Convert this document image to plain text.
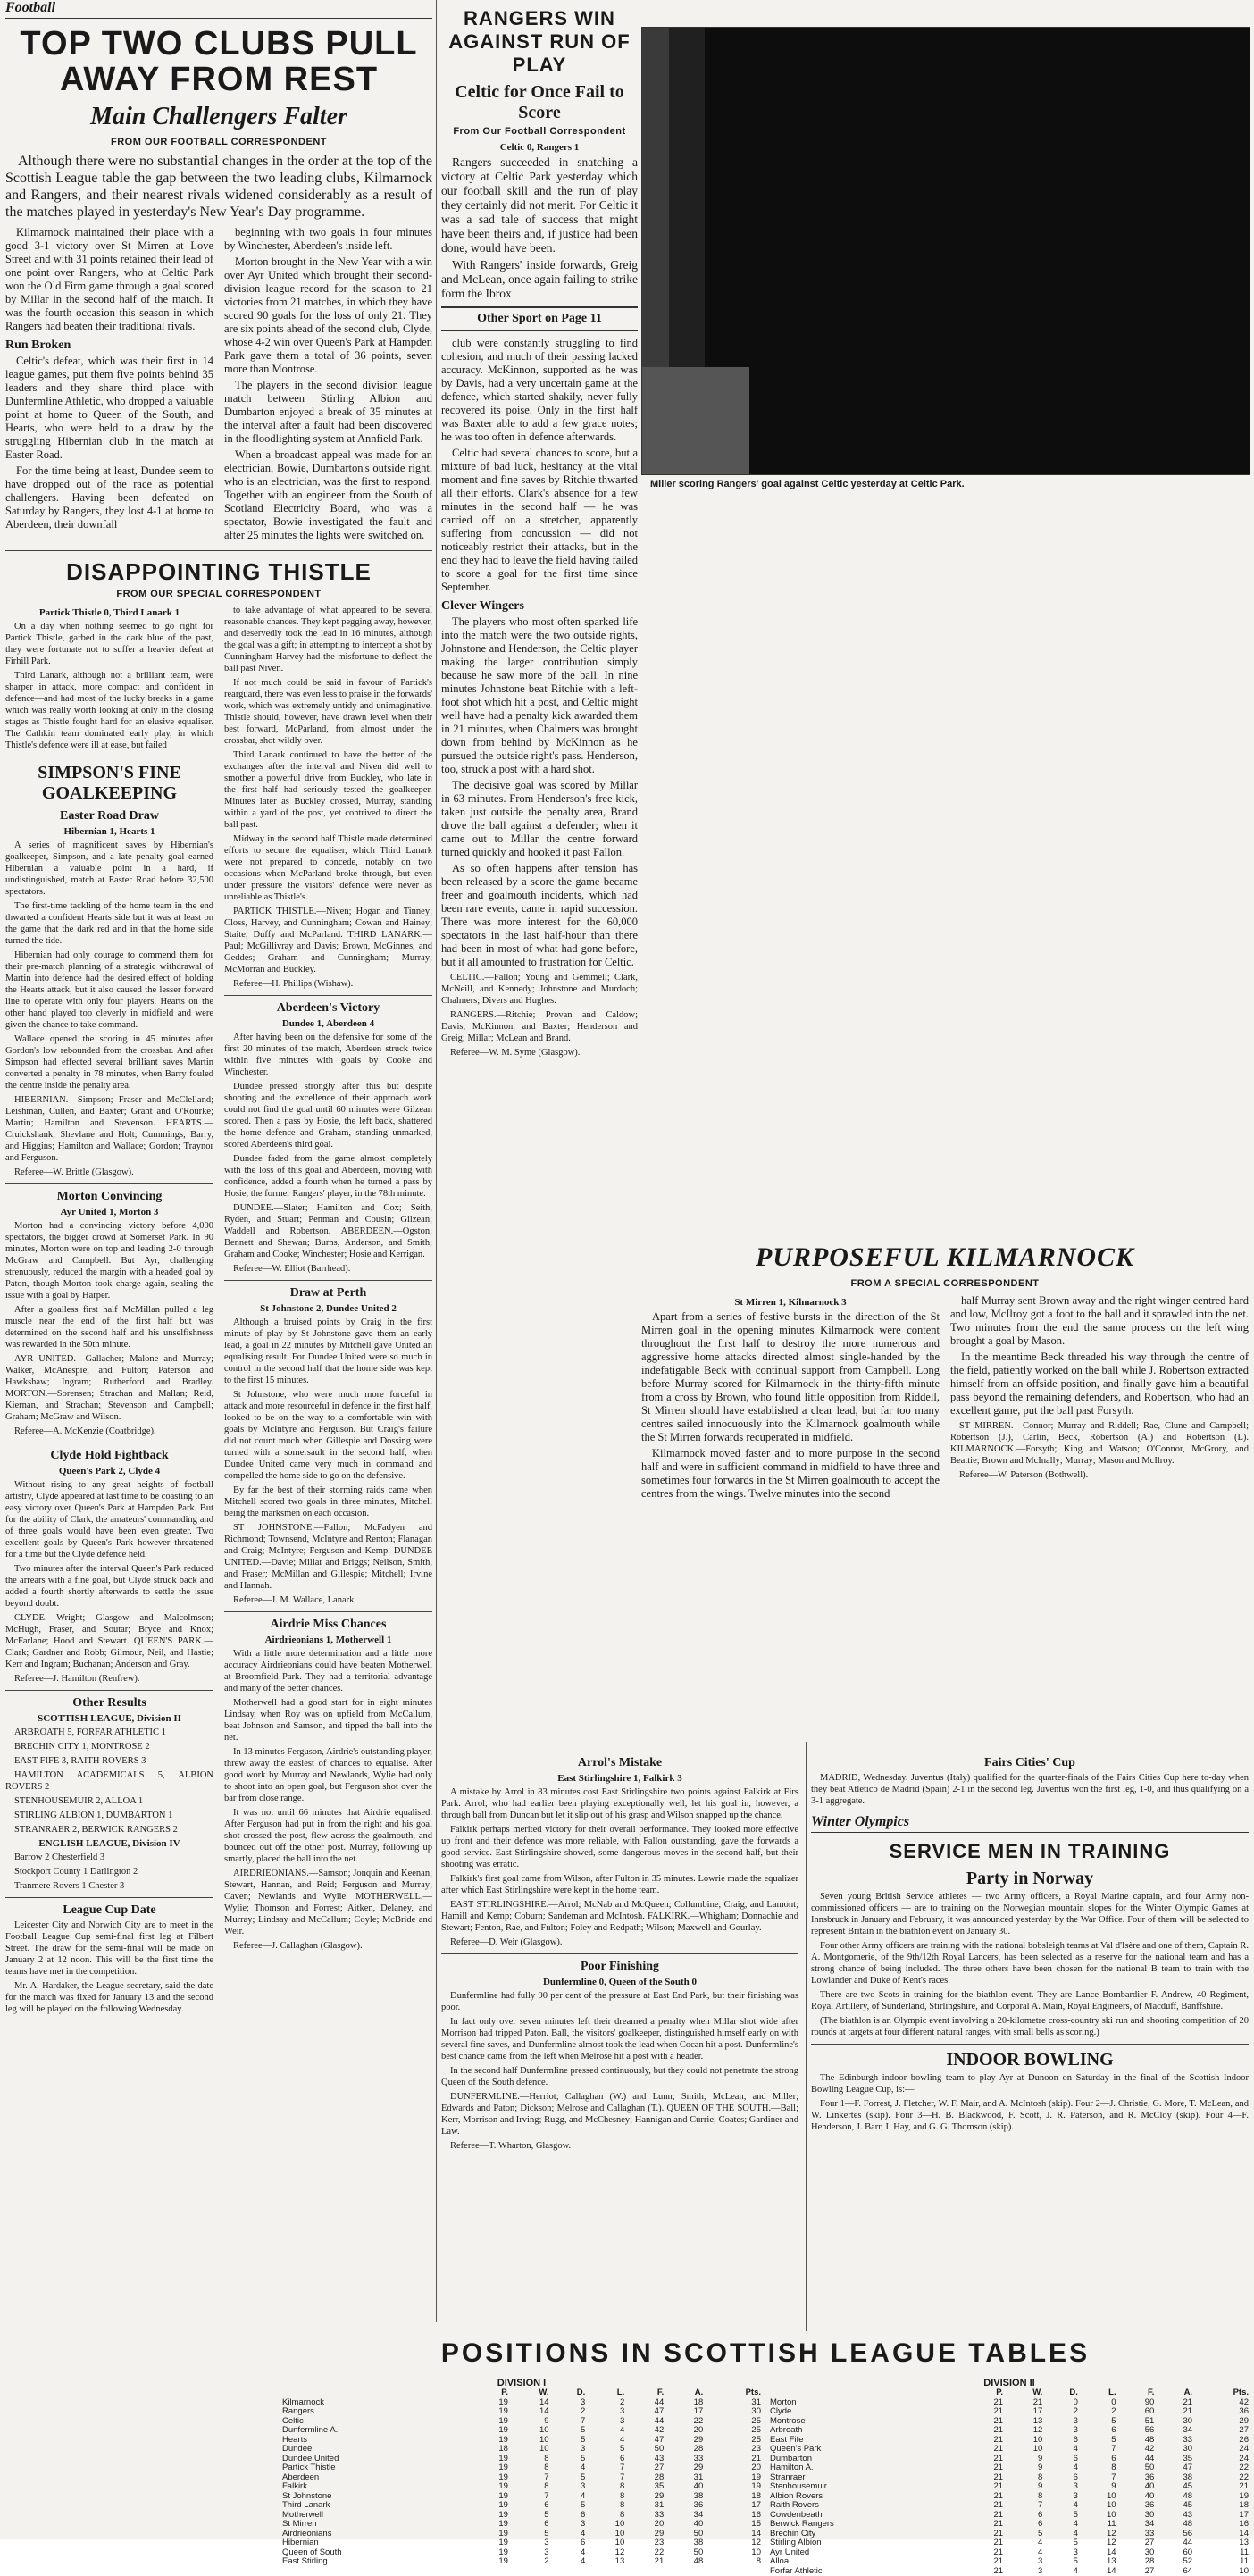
Football
TOP TWO CLUBS PULL AWAY FROM REST
Main Challengers Falter
FROM OUR FOOTBALL CORRESPONDENT

Although there were no substantial changes in the order at the top of the Scottish League table the gap between the two leading clubs, Kilmarnock and Rangers, and their nearest rivals widened considerably as a result of the matches played in yesterday's New Year's Day programme.

Kilmarnock maintained their place with a good 3-1 victory over St Mirren at Love Street and with 31 points retained their lead of one point over Rangers, who at Celtic Park won the Old Firm game through a goal scored by Millar in the second half of the match. It was the fourth occasion this season in which Rangers had beaten their traditional rivals.

Run Broken

Celtic's defeat, which was their first in 14 league games, put them five points behind 35 leaders and they share third place with Dunfermline Athletic, who dropped a valuable point at home to Queen of the South, and Hearts, who were held to a draw by the struggling Hibernian club in the match at Easter Road.

For the time being at least, Dundee seem to have dropped out of the race as potential challengers. Having been defeated on Saturday by Rangers, they lost 4-1 at home to Aberdeen, their downfall

beginning with two goals in four minutes by Winchester, Aberdeen's inside left.

Morton brought in the New Year with a win over Ayr United which brought their second-division league record for the season to 21 victories from 21 matches, in which they have scored 90 goals for the loss of only 21. They are six points ahead of the second club, Clyde, whose 4-2 win over Queen's Park at Hampden Park gave them a total of 36 points, seven more than Montrose.

The players in the second division league match between Stirling Albion and Dumbarton enjoyed a break of 35 minutes at the interval after a fault had been discovered in the floodlighting system at Annfield Park.

When a broadcast appeal was made for an electrician, Bowie, Dumbarton's outside right, who is an electrician, was the first to respond. Together with an engineer from the South of Scotland Electricity Board, who was a spectator, Bowie investigated the fault and after 25 minutes the lights were switched on.

DISAPPOINTING THISTLE
FROM OUR SPECIAL CORRESPONDENT
Partick Thistle 0, Third Lanark 1

On a day when nothing seemed to go right for Partick Thistle, garbed in the dark blue of the past, they were fortunate not to suffer a heavier defeat at Firhill Park.

Third Lanark, although not a brilliant team, were sharper in attack, more compact and confident in defence—and had most of the lucky breaks in a game which was really worth looking at only in the closing stages as Thistle fought hard for an elusive equaliser. The Cathkin team dominated early play, in which Thistle's defence were ill at ease, but failed

SIMPSON'S FINE GOALKEEPING
Easter Road Draw
Hibernian 1, Hearts 1

A series of magnificent saves by Hibernian's goalkeeper, Simpson, and a late penalty goal earned Hibernian a valuable point in a hard, if undistinguished, match at Easter Road before 32,500 spectators.

The first-time tackling of the home team in the end thwarted a confident Hearts side but it was at least on the game that the dark red and in that the home side turned the tide.

Hibernian had only courage to commend them for their pre-match planning of a strategic withdrawal of Martin into defence had the desired effect of holding the Hearts attack, but it also caused the lesser forward line to operate with only four players. Hearts on the other hand played too cleverly in midfield and were given the chance to take command.

Wallace opened the scoring in 45 minutes after Gordon's low rebounded from the crossbar. And after Simpson had effected several brilliant saves Martin converted a penalty in 78 minutes, when Barry fouled the centre inside the penalty area.

HIBERNIAN.—Simpson; Fraser and McClelland; Leishman, Cullen, and Baxter; Grant and O'Rourke; Martin; Hamilton and Stevenson. HEARTS.—Cruickshank; Shevlane and Holt; Cummings, Barry, and Higgins; Hamilton and Wallace; Gordon; Traynor and Ferguson.

Referee—W. Brittle (Glasgow).

Morton Convincing
Ayr United 1, Morton 3

Morton had a convincing victory before 4,000 spectators, the bigger crowd at Somerset Park. In 90 minutes, Morton were on top and leading 2-0 through McGraw and Campbell. But Ayr, challenging strenuously, reduced the margin with a headed goal by Paton, though Morton took charge again, sealing the issue with a goal by Harper.

After a goalless first half McMillan pulled a leg muscle near the end of the first half but was determined on the second half and his unselfishness was rewarded in the 50th minute.

AYR UNITED.—Gallacher; Malone and Murray; Walker, McAnespie, and Fulton; Paterson and Hawkshaw; Ingram; Rutherford and Bradley. MORTON.—Sorensen; Strachan and Mallan; Reid, Kiernan, and Strachan; Stevenson and Campbell; Graham; McGraw and Wilson.

Referee—A. McKenzie (Coatbridge).

Clyde Hold Fightback
Queen's Park 2, Clyde 4

Without rising to any great heights of football artistry, Clyde appeared at last time to be coasting to an easy victory over Queen's Park at Hampden Park. But for the ability of Clark, the amateurs' commanding and of three goals would have been even greater. Two excellent goals by Queen's Park however threatened for a time but the Clyde defence held.

Two minutes after the interval Queen's Park reduced the arrears with a fine goal, but Clyde struck back and added a fourth shortly afterwards to settle the issue beyond doubt.

CLYDE.—Wright; Glasgow and Malcolmson; McHugh, Fraser, and Soutar; Bryce and Knox; McFarlane; Hood and Stewart. QUEEN'S PARK.—Clark; Gardner and Robb; Gilmour, Neil, and Hastie; Kerr and Ingram; Buchanan; Anderson and Gray.

Referee—J. Hamilton (Renfrew).

Other Results
SCOTTISH LEAGUE, Division II

ARBROATH 5, FORFAR ATHLETIC 1

BRECHIN CITY 1, MONTROSE 2

EAST FIFE 3, RAITH ROVERS 3

HAMILTON ACADEMICALS 5, ALBION ROVERS 2

STENHOUSEMUIR 2, ALLOA 1

STIRLING ALBION 1, DUMBARTON 1

STRANRAER 2, BERWICK RANGERS 2

ENGLISH LEAGUE, Division IV

Barrow 2 Chesterfield 3

Stockport County 1 Darlington 2

Tranmere Rovers 1 Chester 3

League Cup Date

Leicester City and Norwich City are to meet in the Football League Cup semi-final first leg at Filbert Street. The draw for the semi-final will be made on January 2 at 12 noon. This will be the first time the teams have met in the competition.

Mr. A. Hardaker, the League secretary, said the date for the match was fixed for January 13 and the second leg will be played on the following Wednesday.

to take advantage of what appeared to be several reasonable chances. They kept pegging away, however, and deservedly took the lead in 16 minutes, although the goal was a gift; in attempting to intercept a shot by Cunningham Harvey had the misfortune to deflect the ball past Niven.

If not much could be said in favour of Partick's rearguard, there was even less to praise in the forwards' work, which was extremely untidy and unimaginative. Thistle should, however, have drawn level when their best forward, McParland, from almost under the crossbar, shot wildly over.

Third Lanark continued to have the better of the exchanges after the interval and Niven did well to smother a powerful drive from Buckley, who late in the first half had seriously tested the goalkeeper. Minutes later as Buckley crossed, Murray, standing within a yard of the post, yet contrived to direct the ball past.

Midway in the second half Thistle made determined efforts to secure the equaliser, which Third Lanark were not prepared to concede, notably on two occasions when McParland broke through, but even under pressure the visitors' defence were never as unreliable as Thistle's.

PARTICK THISTLE.—Niven; Hogan and Tinney; Closs, Harvey, and Cunningham; Cowan and Hainey; Staite; Duffy and McParland. THIRD LANARK.—Paul; McGillivray and Davis; Brown, McGinnes, and Geddes; Graham and Cunningham; Murray; McMorran and Buckley.

Referee—H. Phillips (Wishaw).

Aberdeen's Victory
Dundee 1, Aberdeen 4

After having been on the defensive for some of the first 20 minutes of the match, Aberdeen struck twice within five minutes with goals by Cooke and Winchester.

Dundee pressed strongly after this but despite shooting and the excellence of their approach work could not find the goal until 60 minutes were Gilzean scored. Then a pass by Hosie, the left back, shattered the home defence and Graham, standing unmarked, scored Aberdeen's third goal.

Dundee faded from the game almost completely with the loss of this goal and Aberdeen, moving with confidence, added a fourth when he turned a pass by Hosie, the former Rangers' player, in the 78th minute.

DUNDEE.—Slater; Hamilton and Cox; Seith, Ryden, and Stuart; Penman and Cousin; Gilzean; Waddell and Robertson. ABERDEEN.—Ogston; Bennett and Shewan; Burns, Anderson, and Smith; Graham and Cooke; Winchester; Hosie and Kerrigan.

Referee—W. Elliot (Barrhead).

Draw at Perth
St Johnstone 2, Dundee United 2

Although a bruised points by Craig in the first minute of play by St Johnstone gave them an early lead, a goal in 22 minutes by Mitchell gave United an equalising result. For Dundee United were so much in control in the second half that the home side was kept to the first 15 minutes.

St Johnstone, who were much more forceful in attack and more resourceful in defence in the first half, looked to be on the way to a comfortable win with goals by McIntyre and Ferguson. But Craig's failure did not count much when Gillespie and Dossing were turned with a somersault in the second half, when Dundee United came very much in command and compelled the home side to go on the defensive.

By far the best of their storming raids came when Mitchell scored two goals in three minutes, Mitchell being the marksmen on each occasion.

ST JOHNSTONE.—Fallon; McFadyen and Richmond; Townsend, McIntyre and Renton; Flanagan and Craig; McIntyre; Ferguson and Kemp. DUNDEE UNITED.—Davie; Millar and Briggs; Neilson, Smith, and Fraser; McMillan and Gillespie; Mitchell; Irvine and Hannah.

Referee—J. M. Wallace, Lanark.

Airdrie Miss Chances
Airdrieonians 1, Motherwell 1

With a little more determination and a little more accuracy Airdrieonians could have beaten Motherwell at Broomfield Park. They had a territorial advantage and many of the better chances.

Motherwell had a good start for in eight minutes Lindsay, when Roy was on upfield from McCallum, beat Johnson and Samson, and tipped the ball into the net.

In 13 minutes Ferguson, Airdrie's outstanding player, threw away the easiest of chances to equalise. After good work by Murray and Newlands, Wylie had only to shoot into an open goal, but Ferguson shot over the bar from close range.

It was not until 66 minutes that Airdrie equalised. After Ferguson had put in from the right and his goal shot crossed the post, flew across the goalmouth, and bounced out off the other post. Murray, following up smartly, placed the ball into the net.

AIRDRIEONIANS.—Samson; Jonquin and Keenan; Stewart, Hannan, and Reid; Ferguson and Murray; Caven; Newlands and Wylie. MOTHERWELL.—Wylie; Thomson and Forrest; Aitken, Delaney, and Murray; Lindsay and McCallum; Coyle; McBride and Weir.

Referee—J. Callaghan (Glasgow).

RANGERS WIN AGAINST RUN OF PLAY
Celtic for Once Fail to Score
From Our Football Correspondent
Celtic 0, Rangers 1

Rangers succeeded in snatching a victory at Celtic Park yesterday which our football skill and the run of play they certainly did not merit. For Celtic it was a sad tale of success that might have been theirs and, if justice had been done, would have been.

With Rangers' inside forwards, Greig and McLean, once again failing to strike form the Ibrox

Other Sport on Page 11

club were constantly struggling to find cohesion, and much of their passing lacked accuracy. McKinnon, supported as he was by Davis, had a very uncertain game at the defence, which started shakily, never fully recovered its poise. Only in the first half was Baxter able to add a few grace notes; he was too often in defence afterwards.

Celtic had several chances to score, but a mixture of bad luck, hesitancy at the vital moment and fine saves by Ritchie thwarted all their efforts. Clark's absence for a few minutes in the second half — he was carried off on a stretcher, apparently suffering from concussion — did not noticeably restrict their attacks, but in the end they had to leave the field having failed to score a goal for the first time since September.

Clever Wingers

The players who most often sparked life into the match were the two outside rights, Johnstone and Henderson, the Celtic player making the larger contribution simply because he saw more of the ball. In nine minutes Johnstone beat Ritchie with a left-foot shot which hit a post, and Celtic might well have had a penalty kick awarded them in 21 minutes, when Chalmers was brought down from behind by McKinnon as he pursued the outside right's pass. Henderson, too, struck a post with a hard shot.

The decisive goal was scored by Millar in 63 minutes. From Henderson's free kick, taken just outside the penalty area, Brand drove the ball against a defender; when it came out to Millar the centre forward turned quickly and hooked it past Fallon.

As so often happens after tension has been released by a score the game became freer and goalmouth incidents, which had been rare events, came in rapid succession. There was more interest for the 60,000 spectators in the last half-hour than there had been in most of what had gone before, but it all amounted to frustration for Celtic.

CELTIC.—Fallon; Young and Gemmell; Clark, McNeill, and Kennedy; Johnstone and Murdoch; Chalmers; Divers and Hughes.

RANGERS.—Ritchie; Provan and Caldow; Davis, McKinnon, and Baxter; Henderson and Greig; Millar; McLean and Brand.

Referee—W. M. Syme (Glasgow).

Miller scoring Rangers' goal against Celtic yesterday at Celtic Park.
PURPOSEFUL KILMARNOCK
FROM A SPECIAL CORRESPONDENT
St Mirren 1, Kilmarnock 3

Apart from a series of festive bursts in the direction of the St Mirren goal in the opening minutes Kilmarnock were content throughout the first half to destroy the more numerous and aggressive home attacks directed almost single-handed by the indefatigable Beck with continual support from Campbell. Long before Murray scored for Kilmarnock in the thirty-fifth minute from a cross by Brown, who found little opposition from Riddell, St Mirren should have established a clear lead, but far too many centres sailed innocuously into the Kilmarnock goalmouth while the St Mirren forwards recuperated in midfield.

Kilmarnock moved faster and to more purpose in the second half and were in sufficient command in midfield to have three and sometimes four forwards in the St Mirren goalmouth to accept the centres from the wings. Twelve minutes into the second

half Murray sent Brown away and the right winger centred hard and low, McIlroy got a foot to the ball and it sprawled into the net. Two minutes from the end the same process on the left wing brought a goal by Mason.

In the meantime Beck threaded his way through the centre of the field, patiently worked on the ball while J. Robertson extracted himself from an offside position, and finally gave him a beautiful pass beyond the remaining defenders, and Robertson, who had an excellent game, put the ball past Forsyth.

ST MIRREN.—Connor; Murray and Riddell; Rae, Clune and Campbell; Robertson (J.), Carlin, Beck, Robertson (A.) and Robertson (L). KILMARNOCK.—Forsyth; King and Watson; O'Connor, McGrory, and Beattie; Brown and McInally; Murray; Mason and McIlroy.

Referee—W. Paterson (Bothwell).

Arrol's Mistake
East Stirlingshire 1, Falkirk 3

A mistake by Arrol in 83 minutes cost East Stirlingshire two points against Falkirk at Firs Park. Arrol, who had earlier been playing exceptionally well, let his goal in, however, a through ball from Duncan but let it slip out of his grasp and Wilson snapped up the chance.

Falkirk perhaps merited victory for their overall performance. They looked more effective up front and their defence was more reliable, with Fallon outstanding, gave the forwards a good service. East Stirlingshire showed, some dangerous moves in the second half, but their shooting was erratic.

Falkirk's first goal came from Wilson, after Fulton in 35 minutes. Lowrie made the equalizer after which East Stirlingshire were kept in the home team.

EAST STIRLINGSHIRE.—Arrol; McNab and McQueen; Collumbine, Craig, and Lamont; Hamill and Kemp; Coburn; Sandeman and McIntosh. FALKIRK.—Whigham; Donnachie and Stewart; Fenton, Rae, and Fulton; Foley and Redpath; Wilson; Maxwell and Gourlay.

Referee—D. Weir (Glasgow).

Poor Finishing
Dunfermline 0, Queen of the South 0

Dunfermline had fully 90 per cent of the pressure at East End Park, but their finishing was poor.

In fact only over seven minutes left their dreamed a penalty when Millar shot wide after Morrison had tripped Paton. Ball, the visitors' goalkeeper, distinguished himself early on with several fine saves, and Dunfermline almost took the lead when Cocan hit a post. Dunfermline's best chance came from the left when Melrose hit a post with a header.

In the second half Dunfermline pressed continuously, but they could not penetrate the strong Queen of the South defence.

DUNFERMLINE.—Herriot; Callaghan (W.) and Lunn; Smith, McLean, and Miller; Edwards and Paton; Dickson; Melrose and Callaghan (T.). QUEEN OF THE SOUTH.—Ball; Kerr, Morrison and Irving; Rugg, and McChesney; Hannigan and Currie; Coates; Gardiner and Law.

Referee—T. Wharton, Glasgow.

Fairs Cities' Cup

MADRID, Wednesday. Juventus (Italy) qualified for the quarter-finals of the Fairs Cities Cup here to-day when they beat Atletico de Madrid (Spain) 2-1 in the second leg. Juventus won the first leg, 1-0, and thus qualifying on a 3-1 aggregate.

Winter Olympics
SERVICE MEN IN TRAINING
Party in Norway

Seven young British Service athletes — two Army officers, a Royal Marine captain, and four Army non-commissioned officers — are to training on the Norwegian mountain slopes for the Winter Olympic Games at Innsbruck in January and February, it was announced yesterday by the War Office. Four of them will be selected to represent Britain in the biathlon event on January 30.

Four other Army officers are training with the national bobsleigh teams at Val d'Isère and one of them, Captain R. A. Montgomerie, of the 9th/12th Royal Lancers, has been selected as a reserve for the national team and has a strong chance of being included. The three others have been chosen for the national B team to train with the Lowlander and Duke of Kent's races.

There are two Scots in training for the biathlon event. They are Lance Bombardier F. Andrew, 40 Regiment, Royal Artillery, of Sunderland, Stirlingshire, and Corporal A. Main, Royal Engineers, of Macduff, Banffshire.

(The biathlon is an Olympic event involving a 20-kilometre cross-country ski run and shooting competition of 20 rounds at targets at four different natural ranges, with small bells as scoring.)

INDOOR BOWLING

The Edinburgh indoor bowling team to play Ayr at Dunoon on Saturday in the final of the Scottish Indoor Bowling League Cup, is:—

Four 1—F. Forrest, J. Fletcher, W. F. Mair, and A. McIntosh (skip). Four 2—J. Christie, G. More, T. McLean, and W. Linkertes (skip). Four 3—H. B. Blackwood, F. Scott, J. R. Paterson, and R. McCloy (skip). Four 4—F. Henderson, J. Barr, I. Hay, and G. G. Thomson (skip).

POSITIONS IN SCOTTISH LEAGUE TABLES
DIVISION I
	P.	W.	D.	L.	F.	A.	Pts.
Kilmarnock	19	14	3	2	44	18	31
Rangers	19	14	2	3	47	17	30
Celtic	19	9	7	3	44	22	25
Dunfermline A.	19	10	5	4	42	20	25
Hearts	19	10	5	4	47	29	25
Dundee	18	10	3	5	50	28	23
Dundee United	19	8	5	6	43	33	21
Partick Thistle	19	8	4	7	27	29	20
Aberdeen	19	7	5	7	28	31	19
Falkirk	19	8	3	8	35	40	19
St Johnstone	19	7	4	8	29	38	18
Third Lanark	19	6	5	8	31	36	17
Motherwell	19	5	6	8	33	34	16
St Mirren	19	6	3	10	20	40	15
Airdrieonians	19	5	4	10	29	50	14
Hibernian	19	3	6	10	23	38	12
Queen of South	19	3	4	12	22	50	10
East Stirling	19	2	4	13	21	48	8
DIVISION II
	P.	W.	D.	L.	F.	A.	Pts.
Morton	21	21	0	0	90	21	42
Clyde	21	17	2	2	60	21	36
Montrose	21	13	3	5	51	30	29
Arbroath	21	12	3	6	56	34	27
East Fife	21	10	6	5	48	33	26
Queen's Park	21	10	4	7	42	30	24
Dumbarton	21	9	6	6	44	35	24
Hamilton A.	21	9	4	8	50	47	22
Stranraer	21	8	6	7	36	38	22
Stenhousemuir	21	9	3	9	40	45	21
Albion Rovers	21	8	3	10	40	48	19
Raith Rovers	21	7	4	10	36	45	18
Cowdenbeath	21	6	5	10	30	43	17
Berwick Rangers	21	6	4	11	34	48	16
Brechin City	21	5	4	12	33	56	14
Stirling Albion	21	4	5	12	27	44	13
Ayr United	21	4	3	14	30	60	11
Alloa	21	3	5	13	28	52	11
Forfar Athletic	21	3	4	14	27	64	10
